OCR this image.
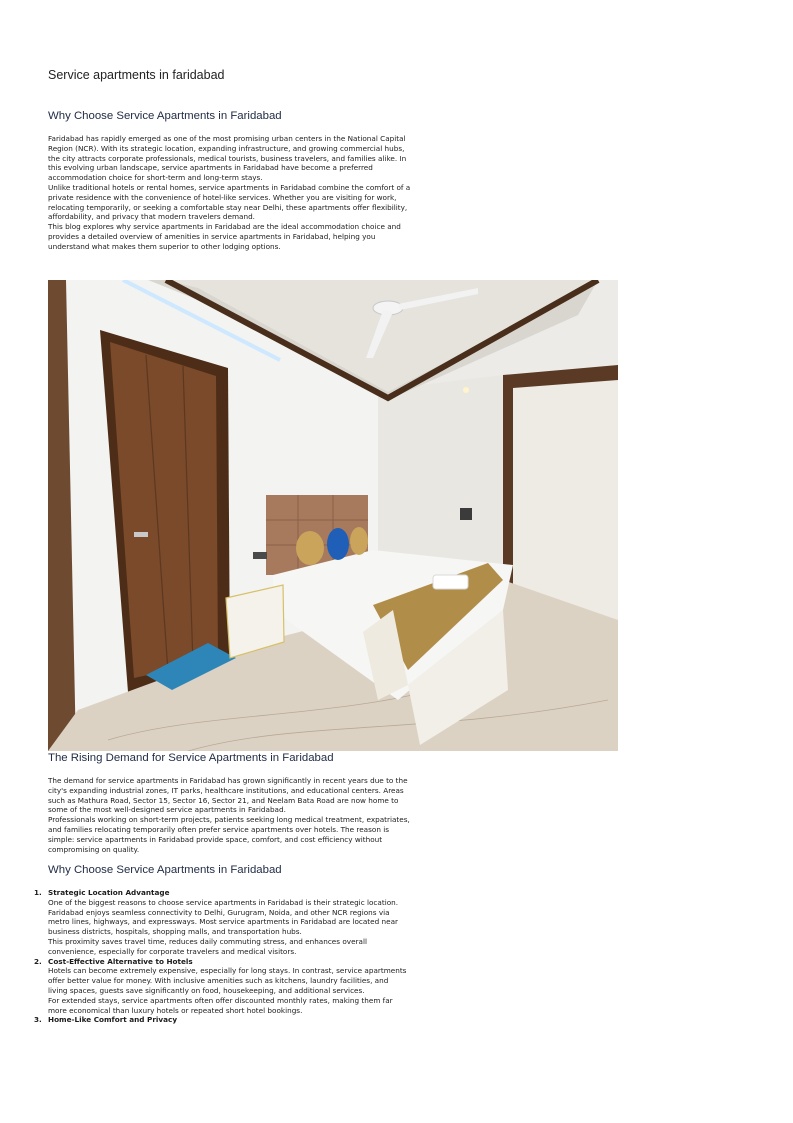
Service apartments in faridabad
Why Choose Service Apartments in Faridabad

Faridabad has rapidly emerged as one of the most promising urban centers in the National Capital Region (NCR). With its strategic location, expanding infrastructure, and growing commercial hubs, the city attracts corporate professionals, medical tourists, business travelers, and families alike. In this evolving urban landscape, service apartments in Faridabad have become a preferred accommodation choice for short-term and long-term stays.

Unlike traditional hotels or rental homes, service apartments in Faridabad combine the comfort of a private residence with the convenience of hotel-like services. Whether you are visiting for work, relocating temporarily, or seeking a comfortable stay near Delhi, these apartments offer flexibility, affordability, and privacy that modern travelers demand.

This blog explores why service apartments in Faridabad are the ideal accommodation choice and provides a detailed overview of amenities in service apartments in Faridabad, helping you understand what makes them superior to other lodging options.

The Rising Demand for Service Apartments in Faridabad

The demand for service apartments in Faridabad has grown significantly in recent years due to the city's expanding industrial zones, IT parks, healthcare institutions, and educational centers. Areas such as Mathura Road, Sector 15, Sector 16, Sector 21, and Neelam Bata Road are now home to some of the most well-designed service apartments in Faridabad.

Professionals working on short-term projects, patients seeking long medical treatment, expatriates, and families relocating temporarily often prefer service apartments over hotels. The reason is simple: service apartments in Faridabad provide space, comfort, and cost efficiency without compromising on quality.

Why Choose Service Apartments in Faridabad
1. Strategic Location Advantage

One of the biggest reasons to choose service apartments in Faridabad is their strategic location. Faridabad enjoys seamless connectivity to Delhi, Gurugram, Noida, and other NCR regions via metro lines, highways, and expressways. Most service apartments in Faridabad are located near business districts, hospitals, shopping malls, and transportation hubs.

This proximity saves travel time, reduces daily commuting stress, and enhances overall convenience, especially for corporate travelers and medical visitors.

2. Cost-Effective Alternative to Hotels

Hotels can become extremely expensive, especially for long stays. In contrast, service apartments offer better value for money. With inclusive amenities such as kitchens, laundry facilities, and living spaces, guests save significantly on food, housekeeping, and additional services.

For extended stays, service apartments often offer discounted monthly rates, making them far more economical than luxury hotels or repeated short hotel bookings.

3. Home-Like Comfort and Privacy
